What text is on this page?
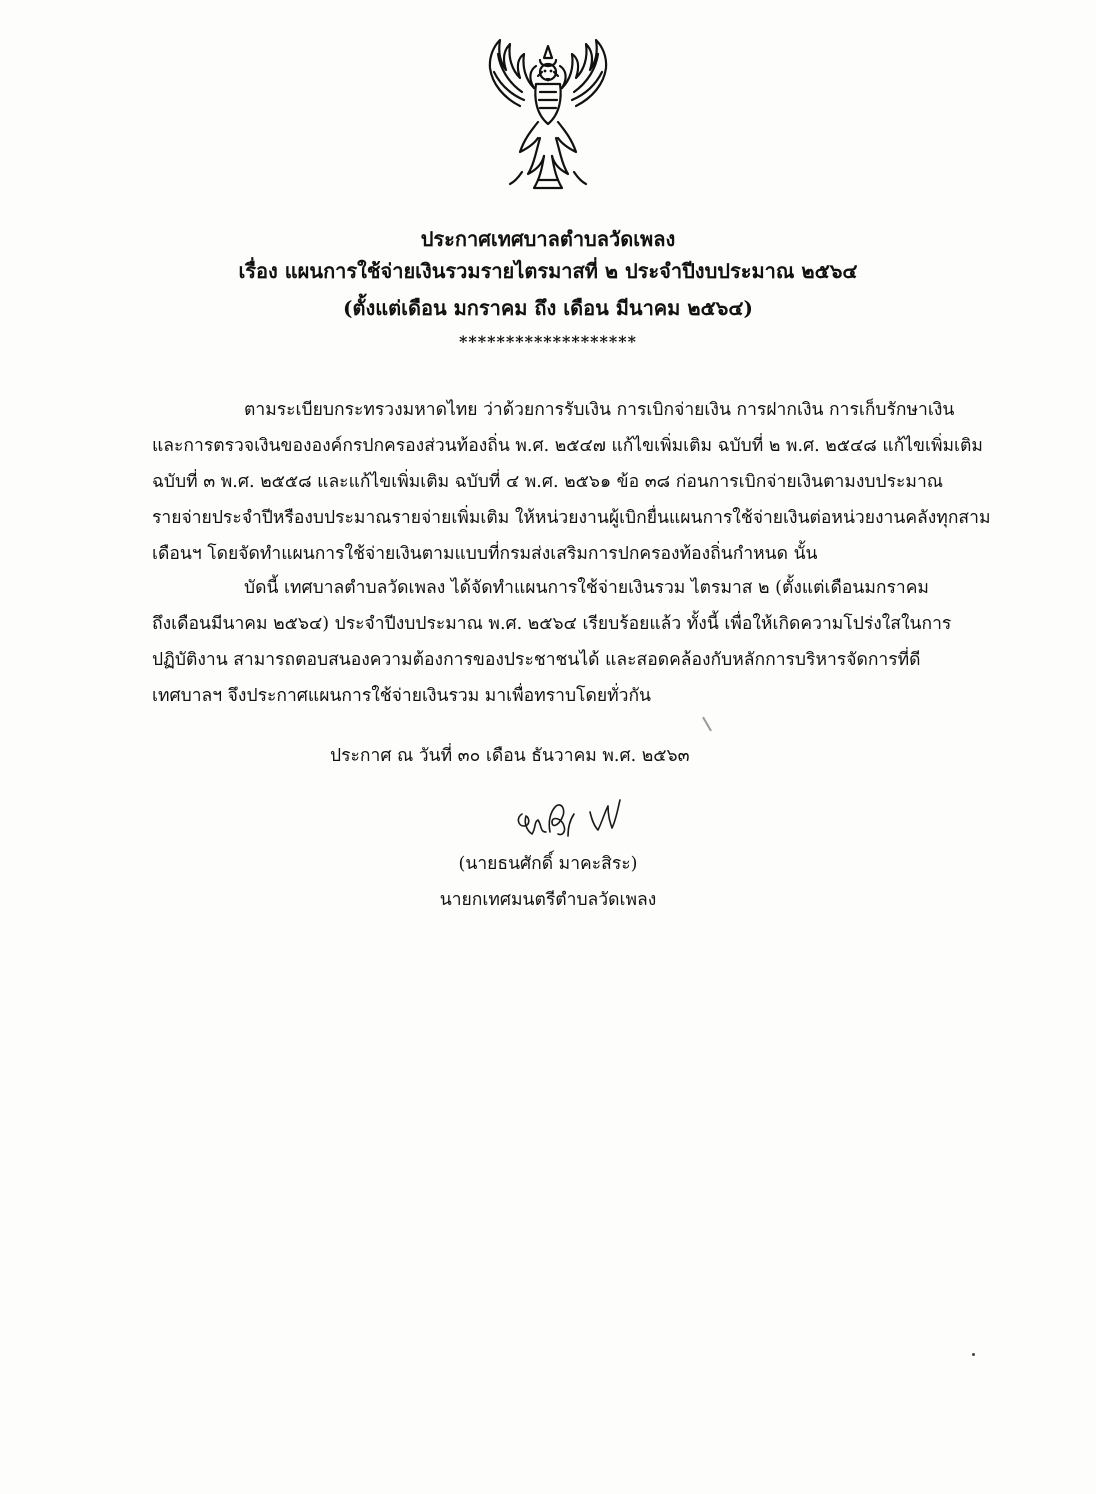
ประกาศเทศบาลตำบลวัดเพลง
เรื่อง แผนการใช้จ่ายเงินรวมรายไตรมาสที่ ๒ ประจำปีงบประมาณ ๒๕๖๔
(ตั้งแต่เดือน มกราคม ถึง เดือน มีนาคม ๒๕๖๔)
*******************
ตามระเบียบกระทรวงมหาดไทย ว่าด้วยการรับเงิน การเบิกจ่ายเงิน การฝากเงิน การเก็บรักษาเงิน
และการตรวจเงินขององค์กรปกครองส่วนท้องถิ่น พ.ศ. ๒๕๔๗ แก้ไขเพิ่มเติม ฉบับที่ ๒ พ.ศ. ๒๕๔๘ แก้ไขเพิ่มเติม
ฉบับที่ ๓ พ.ศ. ๒๕๕๘ และแก้ไขเพิ่มเติม ฉบับที่ ๔ พ.ศ. ๒๕๖๑ ข้อ ๓๘ ก่อนการเบิกจ่ายเงินตามงบประมาณ
รายจ่ายประจำปีหรืองบประมาณรายจ่ายเพิ่มเติม ให้หน่วยงานผู้เบิกยื่นแผนการใช้จ่ายเงินต่อหน่วยงานคลังทุกสาม
เดือนฯ โดยจัดทำแผนการใช้จ่ายเงินตามแบบที่กรมส่งเสริมการปกครองท้องถิ่นกำหนด นั้น
บัดนี้ เทศบาลตำบลวัดเพลง ได้จัดทำแผนการใช้จ่ายเงินรวม ไตรมาส ๒ (ตั้งแต่เดือนมกราคม
ถึงเดือนมีนาคม ๒๕๖๔) ประจำปีงบประมาณ พ.ศ. ๒๕๖๔ เรียบร้อยแล้ว ทั้งนี้ เพื่อให้เกิดความโปร่งใสในการ
ปฏิบัติงาน สามารถตอบสนองความต้องการของประชาชนได้ และสอดคล้องกับหลักการบริหารจัดการที่ดี
เทศบาลฯ จึงประกาศแผนการใช้จ่ายเงินรวม มาเพื่อทราบโดยทั่วกัน
ประกาศ ณ วันที่ ๓๐ เดือน ธันวาคม พ.ศ. ๒๕๖๓
(นายธนศักดิ์ มาคะสิระ)
นายกเทศมนตรีตำบลวัดเพลง
